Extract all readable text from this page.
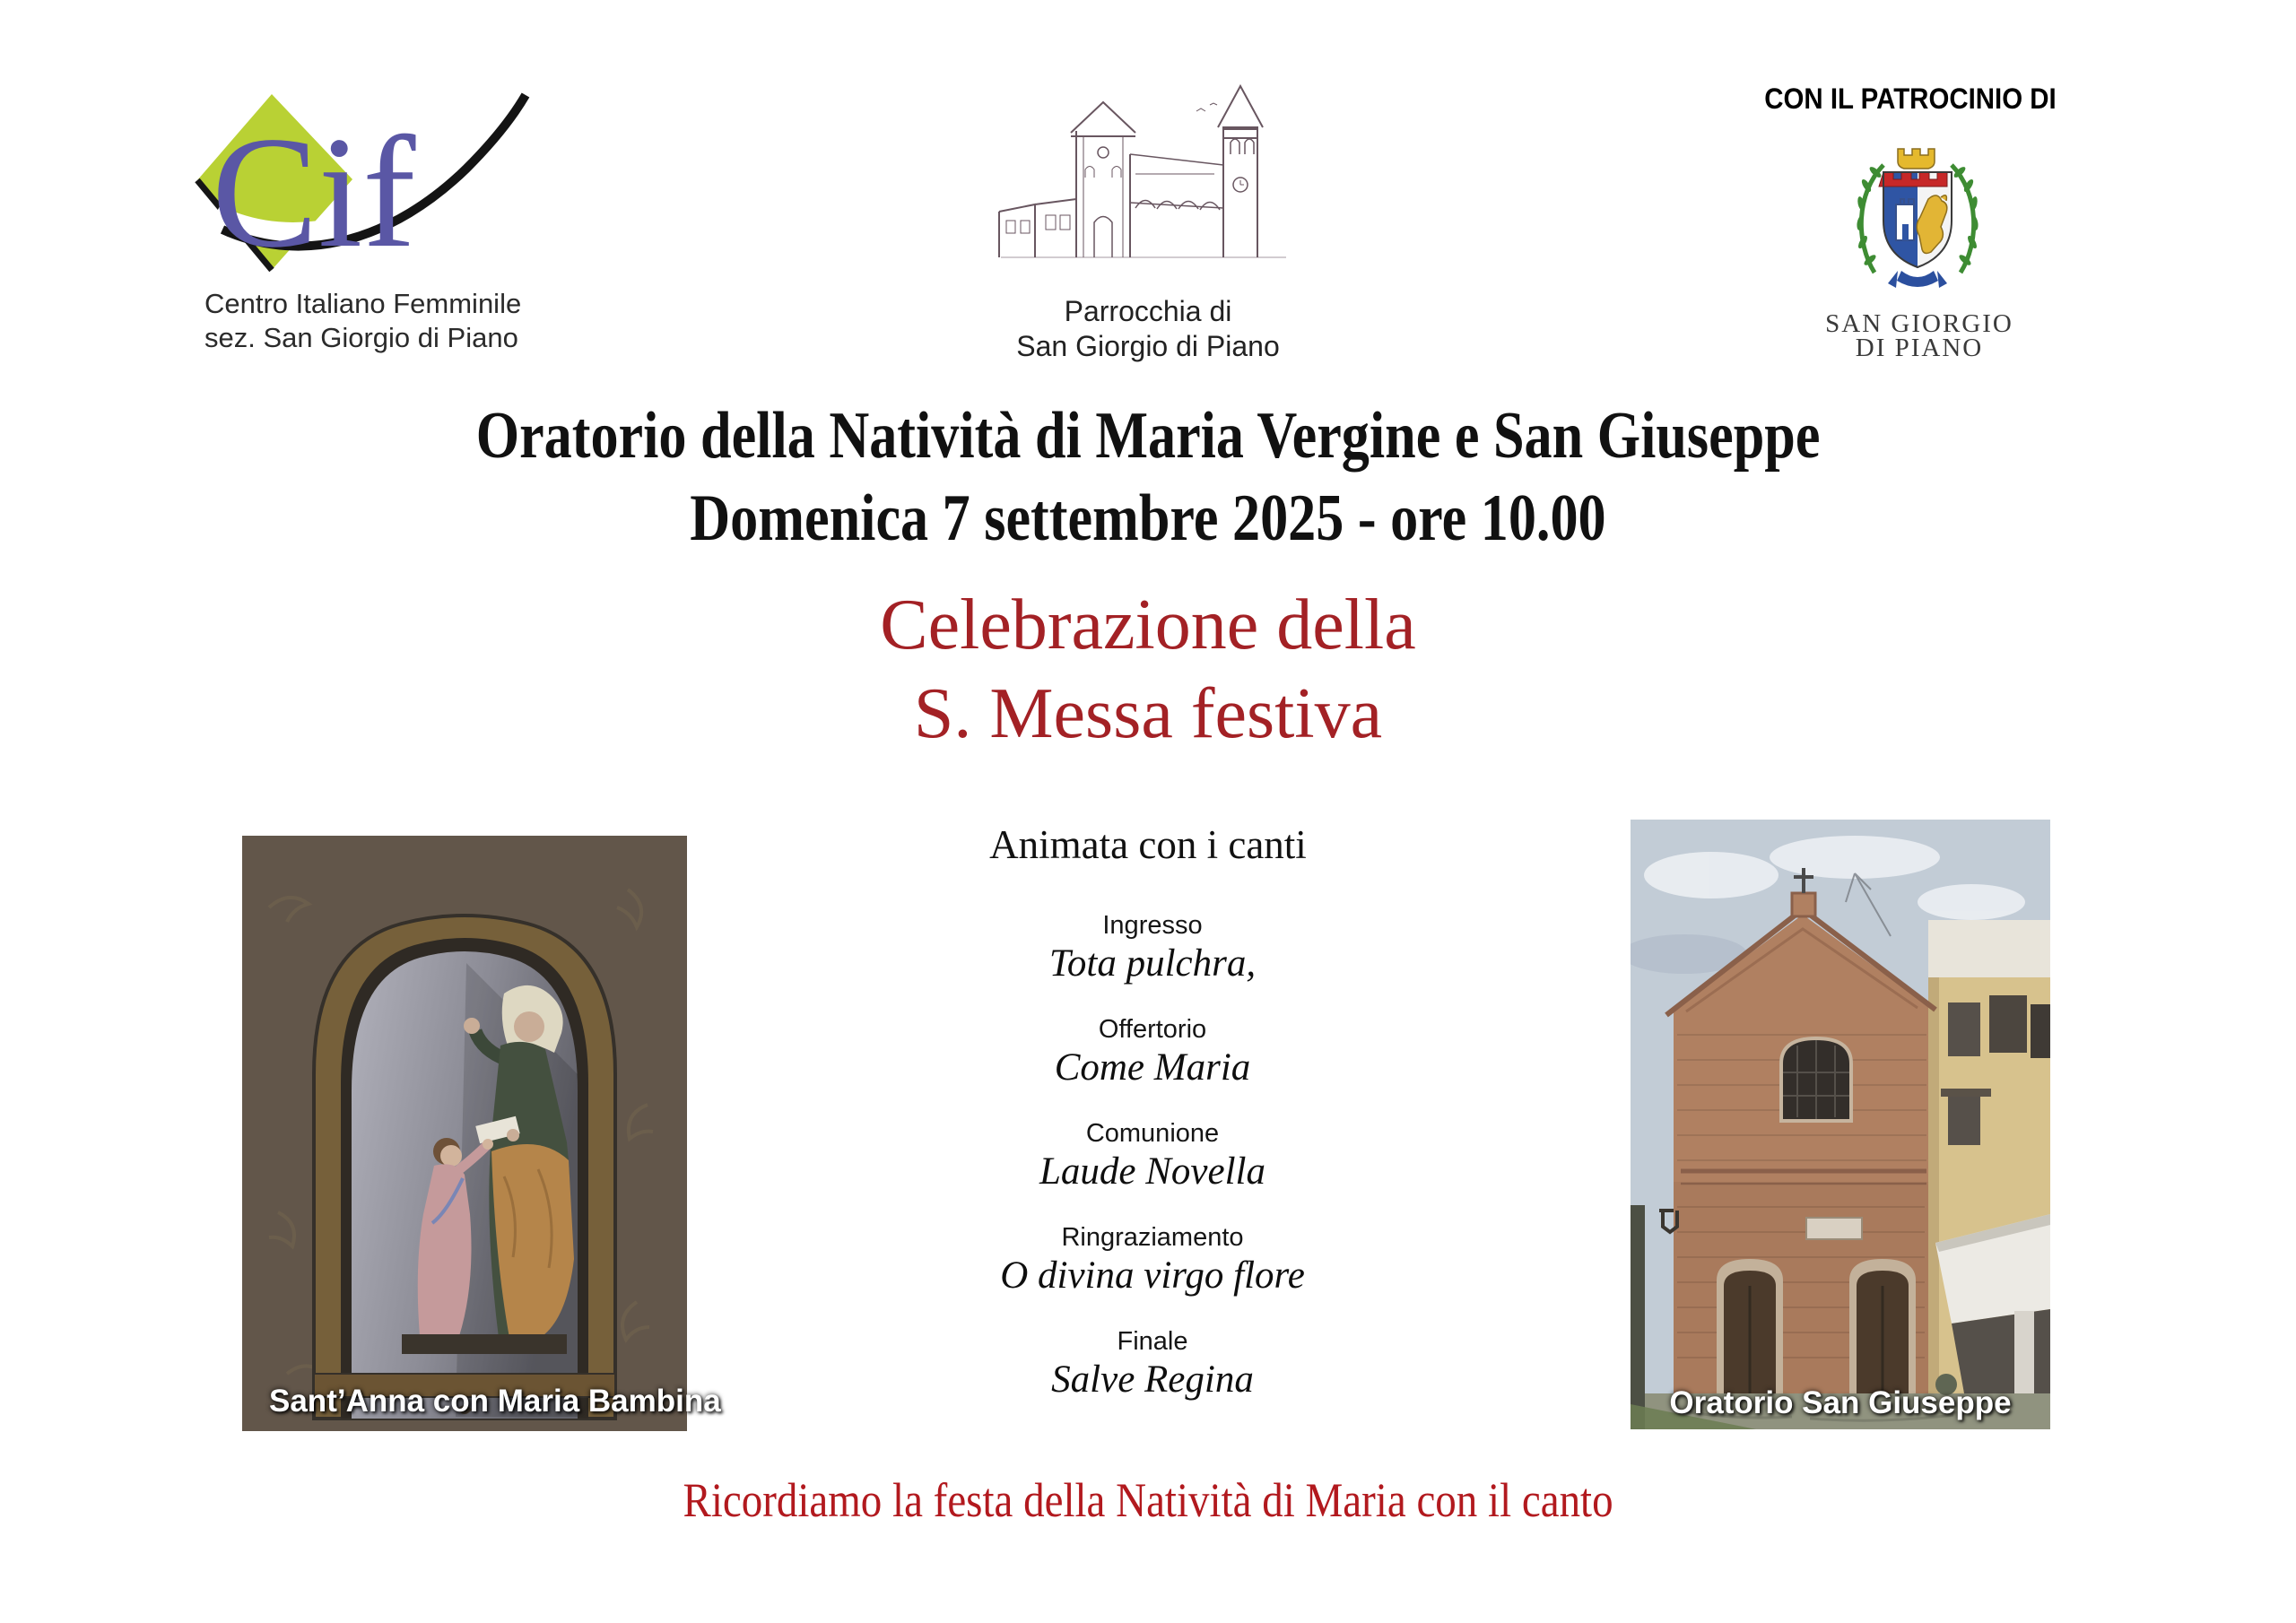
Cif
Centro Italiano Femminile
sez. San Giorgio di Piano
Parrocchia di
San Giorgio di Piano
CON IL PATROCINIO DI
SAN GIORGIO
DI PIANO
Oratorio della Natività di Maria Vergine e San Giuseppe
Domenica 7 settembre 2025 - ore 10.00
Celebrazione della
S. Messa festiva
Animata con i canti
Ingresso
Tota pulchra,
Offertorio
Come Maria
Comunione
Laude Novella
Ringraziamento
O divina virgo flore
Finale
Salve Regina
Sant’Anna con Maria Bambina	Oratorio San Giuseppe
Ricordiamo la festa della Natività di Maria con il canto
